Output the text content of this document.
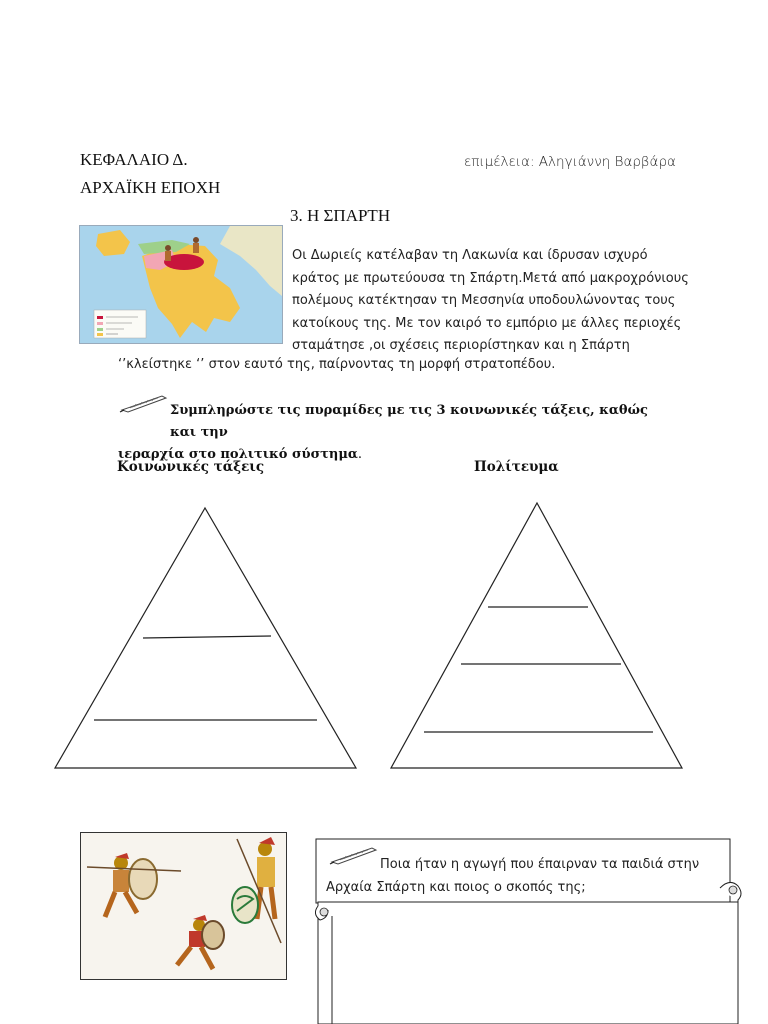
ΚΕΦΑΛΑΙΟ Δ.
ΑΡΧΑΪΚΗ ΕΠΟΧΗ
επιμέλεια: Αληγιάννη Βαρβάρα
3. Η ΣΠΑΡΤΗ
Οι Δωριείς κατέλαβαν τη Λακωνία και ίδρυσαν ισχυρό
κράτος με πρωτεύουσα τη Σπάρτη.Μετά από μακροχρόνιους
πολέμους κατέκτησαν τη Μεσσηνία υποδουλώνοντας τους
κατοίκους της. Με τον καιρό το εμπόριο με άλλες περιοχές
σταμάτησε ,οι σχέσεις περιορίστηκαν και η Σπάρτη
‘’κλείστηκε ‘’ στον εαυτό της, παίρνοντας τη μορφή στρατοπέδου.
Συμπληρώστε τις πυραμίδες με τις 3 κοινωνικές τάξεις, καθώς και την
ιεραρχία στο πολιτικό σύστημα.
Κοινωνικές τάξεις	Πολίτευμα
Ποια ήταν η αγωγή που έπαιρναν τα παιδιά στην
Αρχαία Σπάρτη και ποιος ο σκοπός της;
